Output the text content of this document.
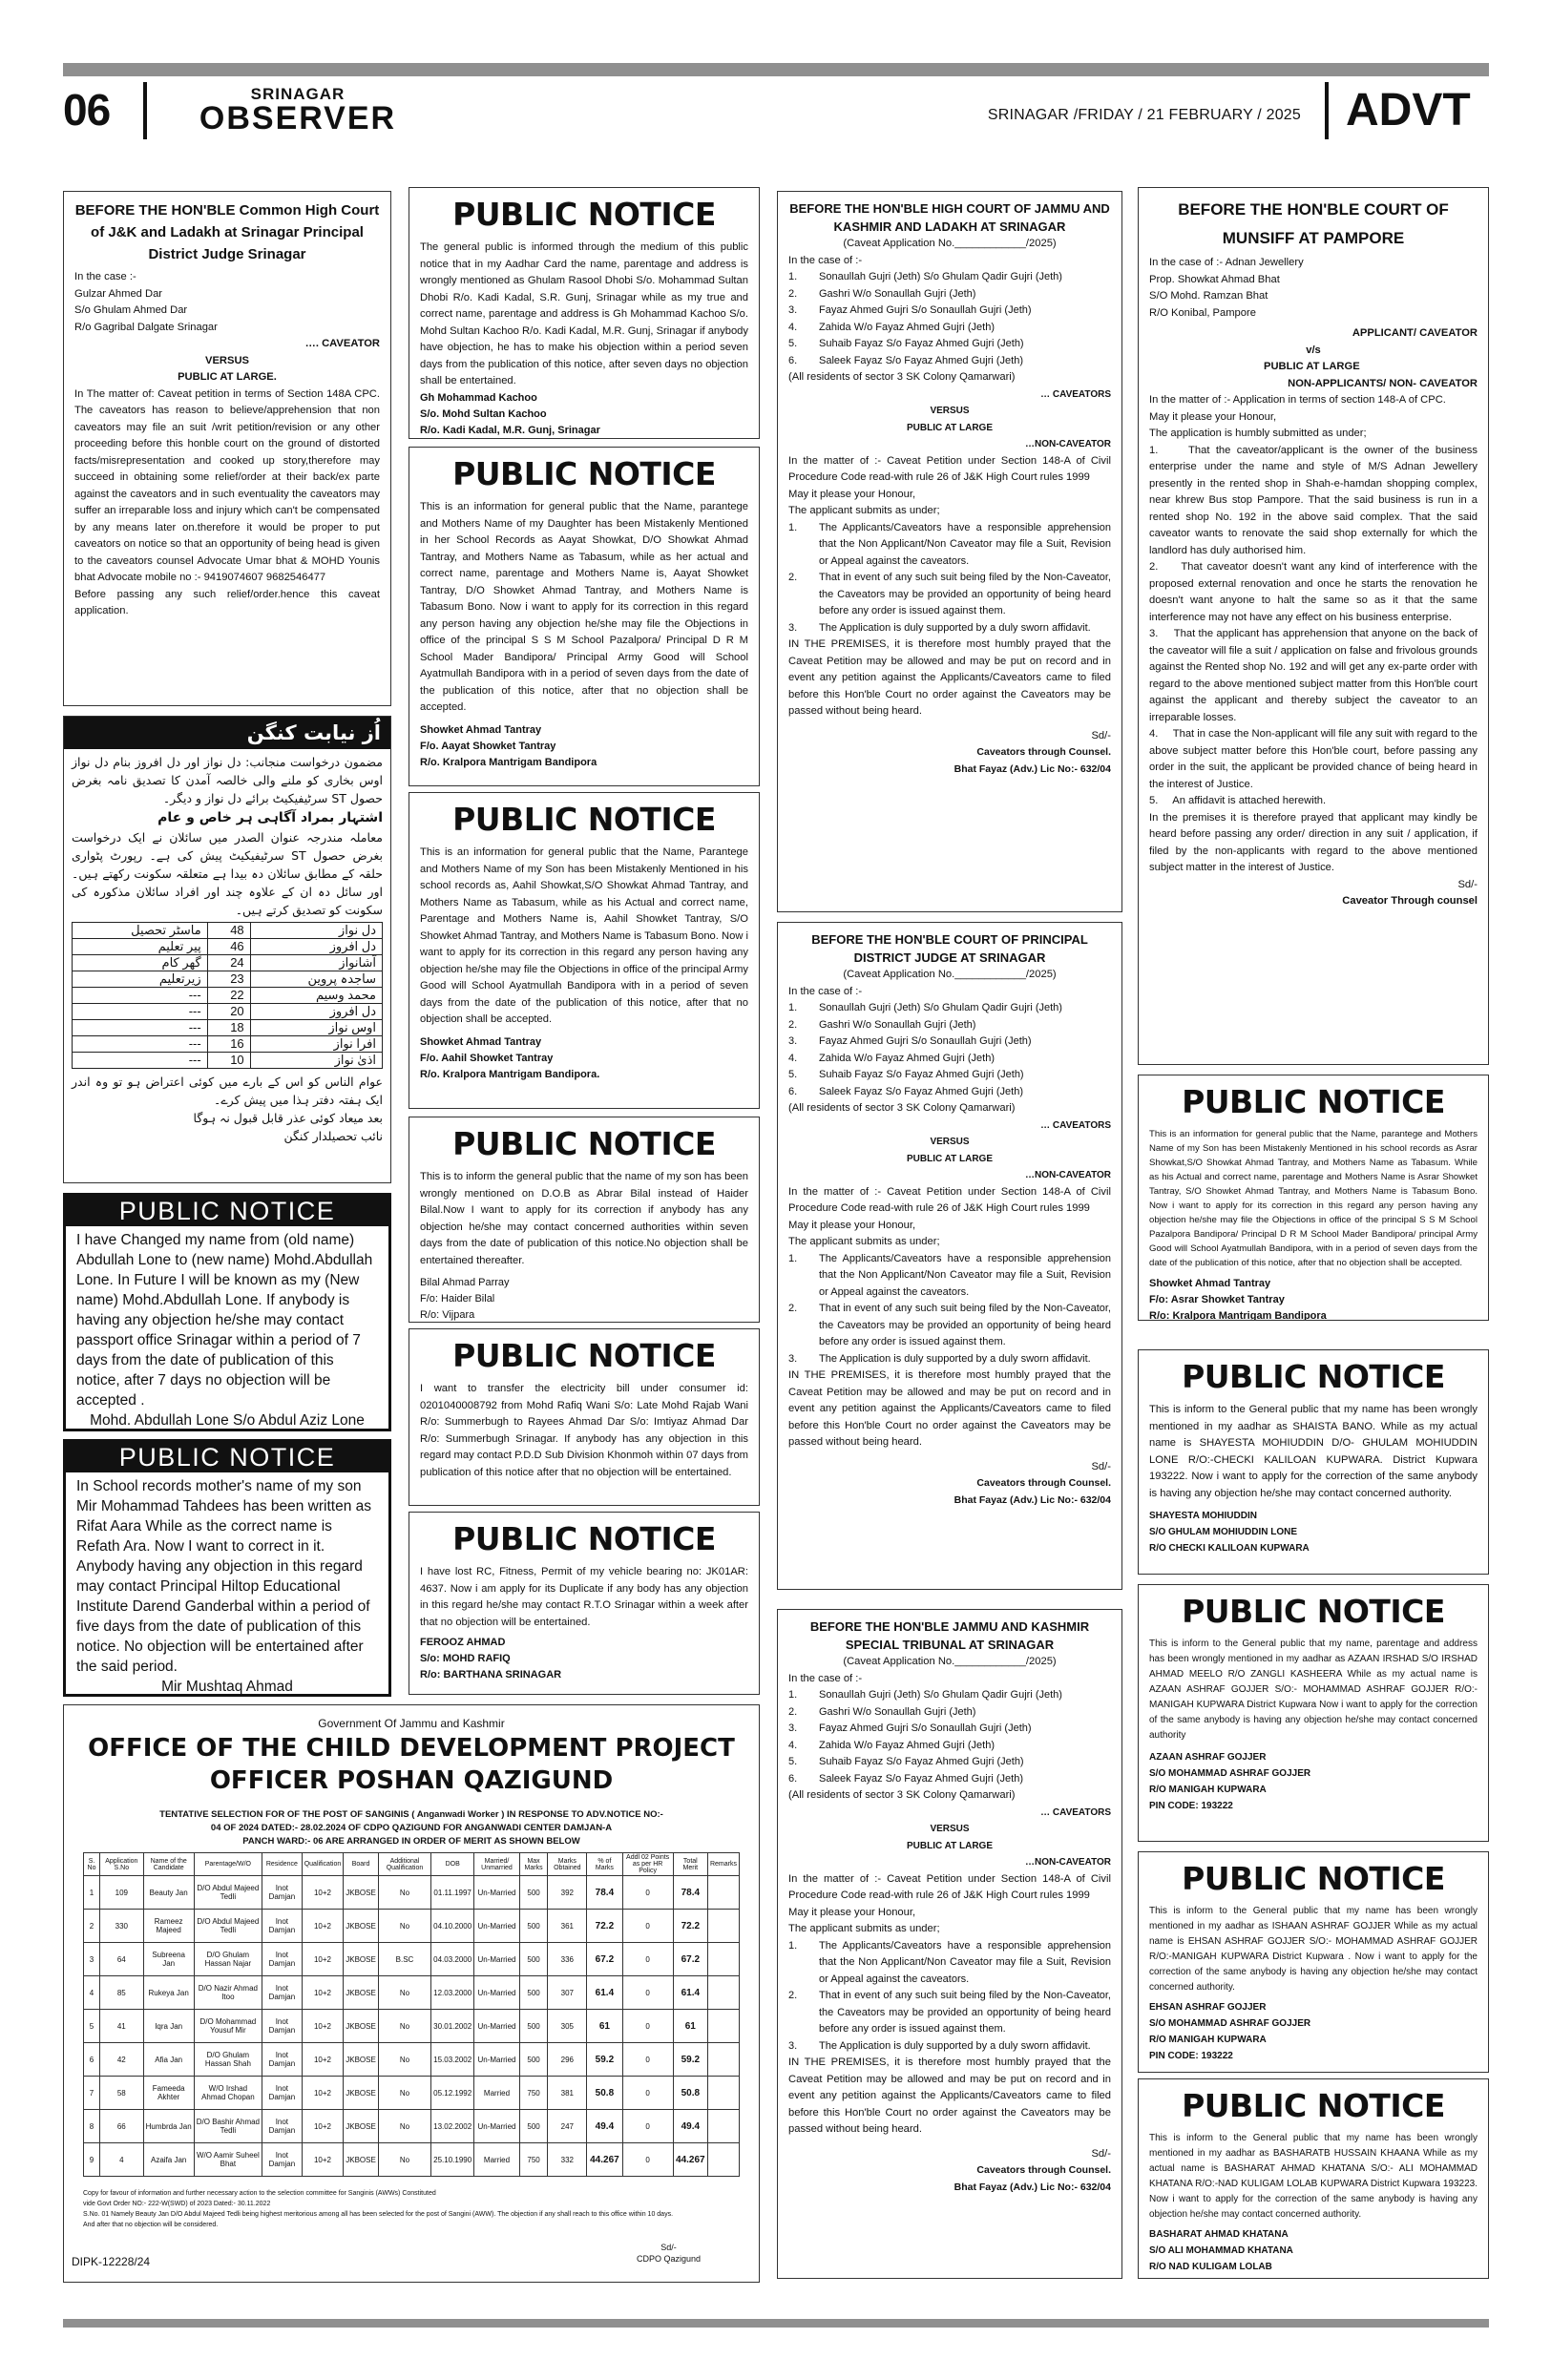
06	SRINAGAR
OBSERVER	SRINAGAR /FRIDAY / 21 FEBRUARY / 2025 ADVT
BEFORE THE HON'BLE Common High Court of J&K and Ladakh at Srinagar Principal District Judge Srinagar
In the case :-
Gulzar Ahmed Dar
S/o Ghulam Ahmed Dar
R/o Gagribal Dalgate Srinagar
…. CAVEATOR
VERSUS
PUBLIC AT LARGE.
In The matter of: Caveat petition in terms of Section 148A CPC. The caveators has reason to believe/apprehension that non caveators may file an suit /writ petition/revision or any other proceeding before this honble court on the ground of distorted facts/misrepresentation and cooked up story,therefore may succeed in obtaining some relief/order at their back/ex parte against the caveators and in such eventuality the caveators may suffer an irreparable loss and injury which can't be compensated by any means later on.therefore it would be proper to put caveators on notice so that an opportunity of being head is given to the caveators counsel Advocate Umar bhat & MOHD Younis bhat Advocate mobile no :- 9419074607 9682546477
Before passing any such relief/order.hence this caveat application.
اُز نیابت کنگن
مضمون درخواست منجانب: دل نواز اور دل افروز بنام دل نواز اوس بخاری کو ملنے والی خالصہ آمدن کا تصدیق نامہ بغرض حصول ST سرٹیفیکیٹ برائے دل نواز و دیگر۔
اشتہار بمراد آگاہی ہر خاص و عام
معاملہ مندرجہ عنوان الصدر میں سائلان نے ایک درخواست بغرض حصول ST سرٹیفیکیٹ پیش کی ہے۔ رپورٹ پٹواری حلقہ کے مطابق سائلان دہ بیدا ہے متعلقہ سکونت رکھتے ہیں۔ اور سائل دہ ان کے علاوہ چند اور افراد سائلان مذکورہ کی سکونت کو تصدیق کرتے ہیں۔
دل نواز	48	ماسٹر تحصیل
دل افروز	46	پیر تعلیم
آشانواز	24	گھر کام
ساجدہ پروین	23	زیرتعلیم
محمد وسیم	22	---
دل افروز	20	---
اوس نواز	18	---
افرا نواز	16	---
اذیٰ نواز	10	---
عوام الناس کو اس کے بارے میں کوئی اعتراض ہو تو وہ اندر ایک ہفتہ دفتر ہذا میں پیش کرے۔
بعد میعاد کوئی عذر قابل قبول نہ ہوگا
نائب تحصیلدار کنگن
PUBLIC NOTICE
I have Changed my name from (old name) Abdullah Lone to (new name) Mohd.Abdullah Lone. In Future I will be known as my (New name) Mohd.Abdullah Lone. If anybody is having any objection he/she may contact passport office Srinagar within a period of 7 days from the date of publication of this notice, after 7 days no objection will be accepted .
Mohd. Abdullah Lone S/o Abdul Aziz Lone
PUBLIC NOTICE
In School records mother's name of my son Mir Mohammad Tahdees has been written as Rifat Aara While as the correct name is Refath Ara. Now I want to correct in it. Anybody having any objection in this regard may contact Principal Hiltop Educational Institute Darend Ganderbal within a period of five days from the date of publication of this notice. No objection will be entertained after the said period.
Mir Mushtaq Ahmad
PUBLIC NOTICE
The general public is informed through the medium of this public notice that in my Aadhar Card the name, parentage and address is wrongly mentioned as Ghulam Rasool Dhobi S/o. Mohammad Sultan Dhobi R/o. Kadi Kadal, S.R. Gunj, Srinagar while as my true and correct name, parentage and address is Gh Mohammad Kachoo S/o. Mohd Sultan Kachoo R/o. Kadi Kadal, M.R. Gunj, Srinagar if anybody have objection, he has to make his objection within a period seven days from the publication of this notice, after seven days no objection shall be entertained.
Gh Mohammad Kachoo
S/o. Mohd Sultan Kachoo
R/o. Kadi Kadal, M.R. Gunj, Srinagar
PUBLIC NOTICE
This is an information for general public that the Name, parantege and Mothers Name of my Daughter has been Mistakenly Mentioned in her School Records as Aayat Showkat, D/O Showkat Ahmad Tantray, and Mothers Name as Tabasum, while as her actual and correct name, parentage and Mothers Name is, Aayat Showket Tantray, D/O Showket Ahmad Tantray, and Mothers Name is Tabasum Bono. Now i want to apply for its correction in this regard any person having any objection he/she may file the Objections in office of the principal S S M School Pazalpora/ Principal D R M School Mader Bandipora/ Principal Army Good will School Ayatmullah Bandipora with in a period of seven days from the date of the publication of this notice, after that no objection shall be accepted.
Showket Ahmad Tantray
F/o. Aayat Showket Tantray
R/o. Kralpora Mantrigam Bandipora
PUBLIC NOTICE
This is an information for general public that the Name, Parantege and Mothers Name of my Son has been Mistakenly Mentioned in his school records as, Aahil Showkat,S/O Showkat Ahmad Tantray, and Mothers Name as Tabasum, while as his Actual and correct name, Parentage and Mothers Name is, Aahil Showket Tantray, S/O Showket Ahmad Tantray, and Mothers Name is Tabasum Bono. Now i want to apply for its correction in this regard any person having any objection he/she may file the Objections in office of the principal Army Good will School Ayatmullah Bandipora with in a period of seven days from the date of the publication of this notice, after that no objection shall be accepted.
Showket Ahmad Tantray
F/o. Aahil Showket Tantray
R/o. Kralpora Mantrigam Bandipora.
PUBLIC NOTICE
This is to inform the general public that the name of my son has been wrongly mentioned on D.O.B as Abrar Bilal instead of Haider Bilal.Now I want to apply for its correction if anybody has any objection he/she may contact concerned authorities within seven days from the date of publication of this notice.No objection shall be entertained thereafter.
Bilal Ahmad Parray
F/o: Haider Bilal
R/o: Vijpara
PUBLIC NOTICE
I want to transfer the electricity bill under consumer id: 0201040008792 from Mohd Rafiq Wani S/o: Late Mohd Rajab Wani R/o: Summerbugh to Rayees Ahmad Dar S/o: Imtiyaz Ahmad Dar R/o: Summerbugh Srinagar. If anybody has any objection in this regard may contact P.D.D Sub Division Khonmoh within 07 days from publication of this notice after that no objection will be entertained.
PUBLIC NOTICE
I have lost RC, Fitness, Permit of my vehicle bearing no: JK01AR: 4637. Now i am apply for its Duplicate if any body has any objection in this regard he/she may contact R.T.O Srinagar within a week after that no objection will be entertained.
FEROOZ AHMAD
S/o: MOHD RAFIQ
R/o: BARTHANA SRINAGAR
Government Of Jammu and Kashmir
OFFICE OF THE CHILD DEVELOPMENT PROJECT
OFFICER POSHAN QAZIGUND
TENTATIVE SELECTION FOR OF THE POST OF SANGINIS ( Anganwadi Worker ) IN RESPONSE TO ADV.NOTICE NO:-
04 OF 2024 DATED:- 28.02.2024 OF CDPO QAZIGUND FOR ANGANWADI CENTER DAMJAN-A
PANCH WARD:- 06 ARE ARRANGED IN ORDER OF MERIT AS SHOWN BELOW
S. No	Application S.No	Name of the Candidate	Parentage/W/O	Residence	Qualification	Board	Additional Qualification	DOB	Married/ Unmarried	Max Marks	Marks Obtained	% of Marks	Addl 02 Points as per HR Policy	Total Merit	Remarks
1	109	Beauty Jan	D/O Abdul Majeed Tedli	Inot Damjan	10+2	JKBOSE	No	01.11.1997	Un-Married	500	392	78.4	0	78.4	
2	330	Rameez Majeed	D/O Abdul Majeed Tedli	Inot Damjan	10+2	JKBOSE	No	04.10.2000	Un-Married	500	361	72.2	0	72.2	
3	64	Subreena Jan	D/O Ghulam Hassan Najar	Inot Damjan	10+2	JKBOSE	B.SC	04.03.2000	Un-Married	500	336	67.2	0	67.2	
4	85	Rukeya Jan	D/O Nazir Ahmad Itoo	Inot Damjan	10+2	JKBOSE	No	12.03.2000	Un-Married	500	307	61.4	0	61.4	
5	41	Iqra Jan	D/O Mohammad Yousuf Mir	Inot Damjan	10+2	JKBOSE	No	30.01.2002	Un-Married	500	305	61	0	61	
6	42	Afia Jan	D/O Ghulam Hassan Shah	Inot Damjan	10+2	JKBOSE	No	15.03.2002	Un-Married	500	296	59.2	0	59.2	
7	58	Fameeda Akhter	W/O Irshad Ahmad Chopan	Inot Damjan	10+2	JKBOSE	No	05.12.1992	Married	750	381	50.8	0	50.8	
8	66	Humbrda Jan	D/O Bashir Ahmad Tedli	Inot Damjan	10+2	JKBOSE	No	13.02.2002	Un-Married	500	247	49.4	0	49.4	
9	4	Azaifa Jan	W/O Aamir Suheel Bhat	Inot Damjan	10+2	JKBOSE	No	25.10.1990	Married	750	332	44.267	0	44.267	
Copy for favour of information and further necessary action to the selection committee for Sanginis (AWWs) Constituted
vide Govt Order NO:- 222-W(SWD) of 2023 Dated:- 30.11.2022
S.No. 01 Namely Beauty Jan D/O Abdul Majeed Tedli being highest meritorious among all has been selected for the post of Sangini (AWW). The objection if any shall reach to this office within 10 days.
And after that no objection will be considered.
Sd/-
CDPO Qazigund
DIPK-12228/24
BEFORE THE HON'BLE HIGH COURT OF JAMMU AND KASHMIR AND LADAKH AT SRINAGAR
(Caveat Application No.____________/2025)
In the case of :-
1.	Sonaullah Gujri (Jeth) S/o Ghulam Qadir Gujri (Jeth)
2.	Gashri W/o Sonaullah Gujri (Jeth)
3.	Fayaz Ahmed Gujri S/o Sonaullah Gujri (Jeth)
4.	Zahida W/o Fayaz Ahmed Gujri (Jeth)
5.	Suhaib Fayaz S/o Fayaz Ahmed Gujri (Jeth)
6.	Saleek Fayaz S/o Fayaz Ahmed Gujri (Jeth)
(All residents of sector 3 SK Colony Qamarwari)
… CAVEATORS
VERSUS
PUBLIC AT LARGE
…NON-CAVEATOR
In the matter of :- Caveat Petition under Section 148-A of Civil Procedure Code read-with rule 26 of J&K High Court rules 1999
May it please your Honour,
The applicant submits as under;
1.	The Applicants/Caveators have a responsible apprehension that the Non Applicant/Non Caveator may file a Suit, Revision or Appeal against the caveators.
2.	That in event of any such suit being filed by the Non-Caveator, the Caveators may be provided an opportunity of being heard before any order is issued against them.
3.	The Application is duly supported by a duly sworn affidavit.
IN THE PREMISES, it is therefore most humbly prayed that the Caveat Petition may be allowed and may be put on record and in event any petition against the Applicants/Caveators came to filed before this Hon'ble Court no order against the Caveators may be passed without being heard.
Sd/-
Caveators through Counsel.
Bhat Fayaz (Adv.) Lic No:- 632/04
BEFORE THE HON'BLE COURT OF PRINCIPAL DISTRICT JUDGE AT SRINAGAR
(Caveat Application No.____________/2025)
In the case of :-
1.	Sonaullah Gujri (Jeth) S/o Ghulam Qadir Gujri (Jeth)
2.	Gashri W/o Sonaullah Gujri (Jeth)
3.	Fayaz Ahmed Gujri S/o Sonaullah Gujri (Jeth)
4.	Zahida W/o Fayaz Ahmed Gujri (Jeth)
5.	Suhaib Fayaz S/o Fayaz Ahmed Gujri (Jeth)
6.	Saleek Fayaz S/o Fayaz Ahmed Gujri (Jeth)
(All residents of sector 3 SK Colony Qamarwari)
… CAVEATORS
VERSUS
PUBLIC AT LARGE
…NON-CAVEATOR
In the matter of :- Caveat Petition under Section 148-A of Civil Procedure Code read-with rule 26 of J&K High Court rules 1999
May it please your Honour,
The applicant submits as under;
1.	The Applicants/Caveators have a responsible apprehension that the Non Applicant/Non Caveator may file a Suit, Revision or Appeal against the caveators.
2.	That in event of any such suit being filed by the Non-Caveator, the Caveators may be provided an opportunity of being heard before any order is issued against them.
3.	The Application is duly supported by a duly sworn affidavit.
IN THE PREMISES, it is therefore most humbly prayed that the Caveat Petition may be allowed and may be put on record and in event any petition against the Applicants/Caveators came to filed before this Hon'ble Court no order against the Caveators may be passed without being heard.
Sd/-
Caveators through Counsel.
Bhat Fayaz (Adv.) Lic No:- 632/04
BEFORE THE HON'BLE JAMMU AND KASHMIR SPECIAL TRIBUNAL AT SRINAGAR
(Caveat Application No.____________/2025)
In the case of :-
1.	Sonaullah Gujri (Jeth) S/o Ghulam Qadir Gujri (Jeth)
2.	Gashri W/o Sonaullah Gujri (Jeth)
3.	Fayaz Ahmed Gujri S/o Sonaullah Gujri (Jeth)
4.	Zahida W/o Fayaz Ahmed Gujri (Jeth)
5.	Suhaib Fayaz S/o Fayaz Ahmed Gujri (Jeth)
6.	Saleek Fayaz S/o Fayaz Ahmed Gujri (Jeth)
(All residents of sector 3 SK Colony Qamarwari)
… CAVEATORS
VERSUS
PUBLIC AT LARGE
…NON-CAVEATOR
In the matter of :- Caveat Petition under Section 148-A of Civil Procedure Code read-with rule 26 of J&K High Court rules 1999
May it please your Honour,
The applicant submits as under;
1.	The Applicants/Caveators have a responsible apprehension that the Non Applicant/Non Caveator may file a Suit, Revision or Appeal against the caveators.
2.	That in event of any such suit being filed by the Non-Caveator, the Caveators may be provided an opportunity of being heard before any order is issued against them.
3.	The Application is duly supported by a duly sworn affidavit.
IN THE PREMISES, it is therefore most humbly prayed that the Caveat Petition may be allowed and may be put on record and in event any petition against the Applicants/Caveators came to filed before this Hon'ble Court no order against the Caveators may be passed without being heard.
Sd/-
Caveators through Counsel.
Bhat Fayaz (Adv.) Lic No:- 632/04
BEFORE THE HON'BLE COURT OF MUNSIFF AT PAMPORE
In the case of :- Adnan Jewellery
Prop. Showkat Ahmad Bhat
S/O Mohd. Ramzan Bhat
R/O Konibal, Pampore
APPLICANT/ CAVEATOR
v/s
PUBLIC AT LARGE
NON-APPLICANTS/ NON- CAVEATOR
In the matter of :- Application in terms of section 148-A of CPC.
May it please your Honour,
The application is humbly submitted as under;
1.     That the caveator/applicant is the owner of the business enterprise under the name and style of M/S Adnan Jewellery presently in the rented shop in Shah-e-hamdan shopping complex, near khrew Bus stop Pampore. That the said business is run in a rented shop No. 192 in the above said complex. That the said caveator wants to renovate the said shop externally for which the landlord has duly authorised him.
2.     That caveator doesn't want any kind of interference with the proposed external renovation and once he starts the renovation he doesn't want anyone to halt the same so as it that the same interference may not have any effect on his business enterprise.
3.     That the applicant has apprehension that anyone on the back of the caveator will file a suit / application on false and frivolous grounds against the Rented shop No. 192 and will get any ex-parte order with regard to the above mentioned subject matter from this Hon'ble court against the applicant and thereby subject the caveator to an irreparable losses.
4.     That in case the Non-applicant will file any suit with regard to the above subject matter before this Hon'ble court, before passing any order in the suit, the applicant be provided chance of being heard in the interest of Justice.
5.     An affidavit is attached herewith.
In the premises it is therefore prayed that applicant may kindly be heard before passing any order/ direction in any suit / application, if filed by the non-applicants with regard to the above mentioned subject matter in the interest of Justice.
Sd/-
Caveator Through counsel
PUBLIC NOTICE
This is an information for general public that the Name, parantege and Mothers Name of my Son has been Mistakenly Mentioned in his school records as Asrar Showkat,S/O Showkat Ahmad Tantray, and Mothers Name as Tabasum. While as his Actual and correct name, parentage and Mothers Name is Asrar Showket Tantray, S/O Showket Ahmad Tantray, and Mothers Name is Tabasum Bono. Now i want to apply for its correction in this regard any person having any objection he/she may file the Objections in office of the principal S S M School Pazalpora Bandipora/ Principal D R M School Mader Bandipora/ principal Army Good will School Ayatmullah Bandipora, with in a period of seven days from the date of the publication of this notice, after that no objection shall be accepted.
Showket Ahmad Tantray
F/o: Asrar Showket Tantray
R/o: Kralpora Mantrigam Bandipora
PUBLIC NOTICE
This is inform to the General public that my name has been wrongly mentioned in my aadhar as SHAISTA BANO. While as my actual name is SHAYESTA MOHIUDDIN D/O- GHULAM MOHIUDDIN LONE R/O:-CHECKI KALILOAN KUPWARA. District Kupwara 193222. Now i want to apply for the correction of the same anybody is having any objection he/she may contact concerned authority.
SHAYESTA MOHIUDDIN
S/O GHULAM MOHIUDDIN LONE
R/O CHECKI KALILOAN KUPWARA
PUBLIC NOTICE
This is inform to the General public that my name, parentage and address has been wrongly mentioned in my aadhar as AZAAN IRSHAD S/O IRSHAD AHMAD MEELO R/O ZANGLI KASHEERA While as my actual name is AZAAN ASHRAF GOJJER S/O:- MOHAMMAD ASHRAF GOJJER R/O:-MANIGAH KUPWARA District Kupwara Now i want to apply for the correction of the same anybody is having any objection he/she may contact concerned authority
AZAAN ASHRAF GOJJER
S/O MOHAMMAD ASHRAF GOJJER
R/O MANIGAH KUPWARA
PIN CODE: 193222
PUBLIC NOTICE
This is inform to the General public that my name has been wrongly mentioned in my aadhar as ISHAAN ASHRAF GOJJER While as my actual name is EHSAN ASHRAF GOJJER S/O:- MOHAMMAD ASHRAF GOJJER R/O:-MANIGAH KUPWARA District Kupwara . Now i want to apply for the correction of the same anybody is having any objection he/she may contact concerned authority.
EHSAN ASHRAF GOJJER
S/O MOHAMMAD ASHRAF GOJJER
R/O MANIGAH KUPWARA
PIN CODE: 193222
PUBLIC NOTICE
This is inform to the General public that my name has been wrongly mentioned in my aadhar as BASHARATB HUSSAIN KHAANA While as my actual name is BASHARAT AHMAD KHATANA S/O:- ALI MOHAMMAD KHATANA R/O:-NAD KULIGAM LOLAB KUPWARA District Kupwara 193223. Now i want to apply for the correction of the same anybody is having any objection he/she may contact concerned authority.
BASHARAT AHMAD KHATANA
S/O ALI MOHAMMAD KHATANA
R/O NAD KULIGAM LOLAB
